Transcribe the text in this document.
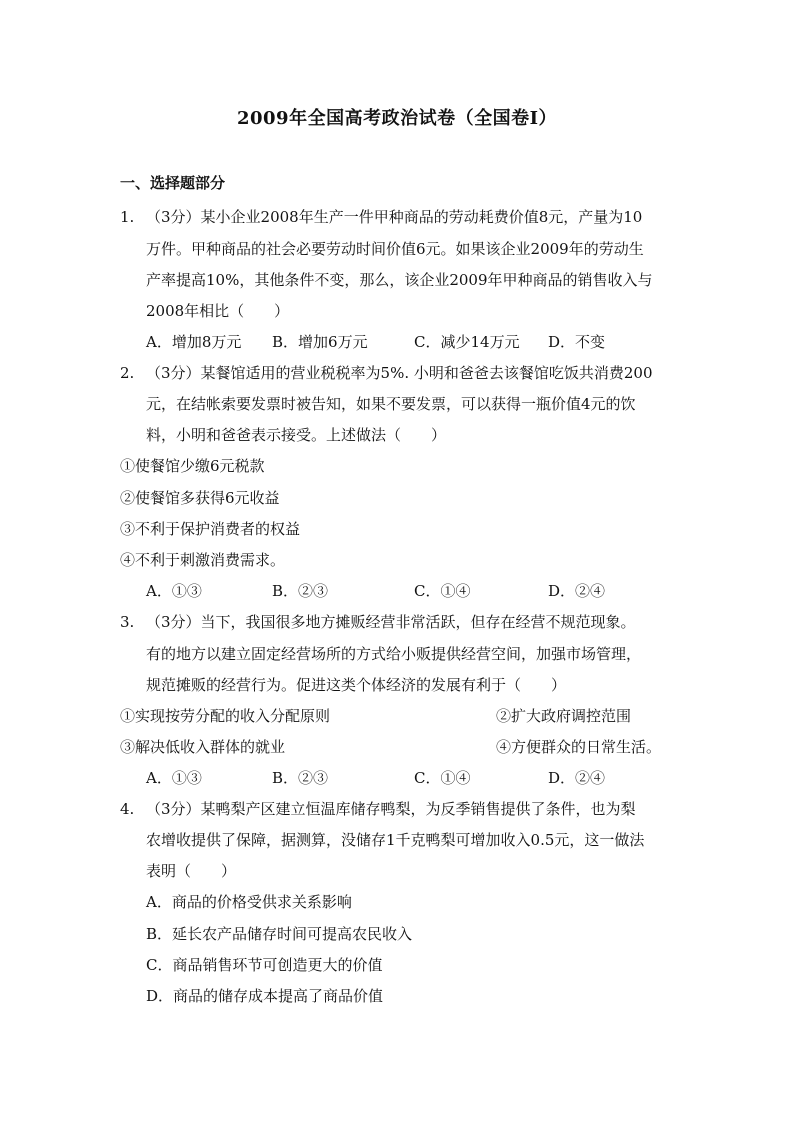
2009年全国高考政治试卷（全国卷Ⅰ）
一、选择题部分
1. （3分）某小企业2008年生产一件甲种商品的劳动耗费价值8元，产量为10
万件。甲种商品的社会必要劳动时间价值6元。如果该企业2009年的劳动生
产率提高10%，其他条件不变，那么，该企业2009年甲种商品的销售收入与
2008年相比（　　）
A．增加8万元 B．增加6万元	C．减少14万元 D．不变
2. （3分）某餐馆适用的营业税税率为5%. 小明和爸爸去该餐馆吃饭共消费200
元，在结帐索要发票时被告知，如果不要发票，可以获得一瓶价值4元的饮
料，小明和爸爸表示接受。上述做法（　　）
①使餐馆少缴6元税款
②使餐馆多获得6元收益
③不利于保护消费者的权益
④不利于刺激消费需求。
A．①③	B．②③	C．①④	D．②④
3. （3分）当下，我国很多地方摊贩经营非常活跃，但存在经营不规范现象。
有的地方以建立固定经营场所的方式给小贩提供经营空间，加强市场管理，
规范摊贩的经营行为。促进这类个体经济的发展有利于（　　）
①实现按劳分配的收入分配原则	②扩大政府调控范围
③解决低收入群体的就业	④方便群众的日常生活。
A．①③	B．②③	C．①④	D．②④
4. （3分）某鸭梨产区建立恒温库储存鸭梨，为反季销售提供了条件，也为梨
农增收提供了保障，据测算，没储存1千克鸭梨可增加收入0.5元，这一做法
表明（　　）
A．商品的价格受供求关系影响
B．延长农产品储存时间可提高农民收入
C．商品销售环节可创造更大的价值
D．商品的储存成本提高了商品价值
